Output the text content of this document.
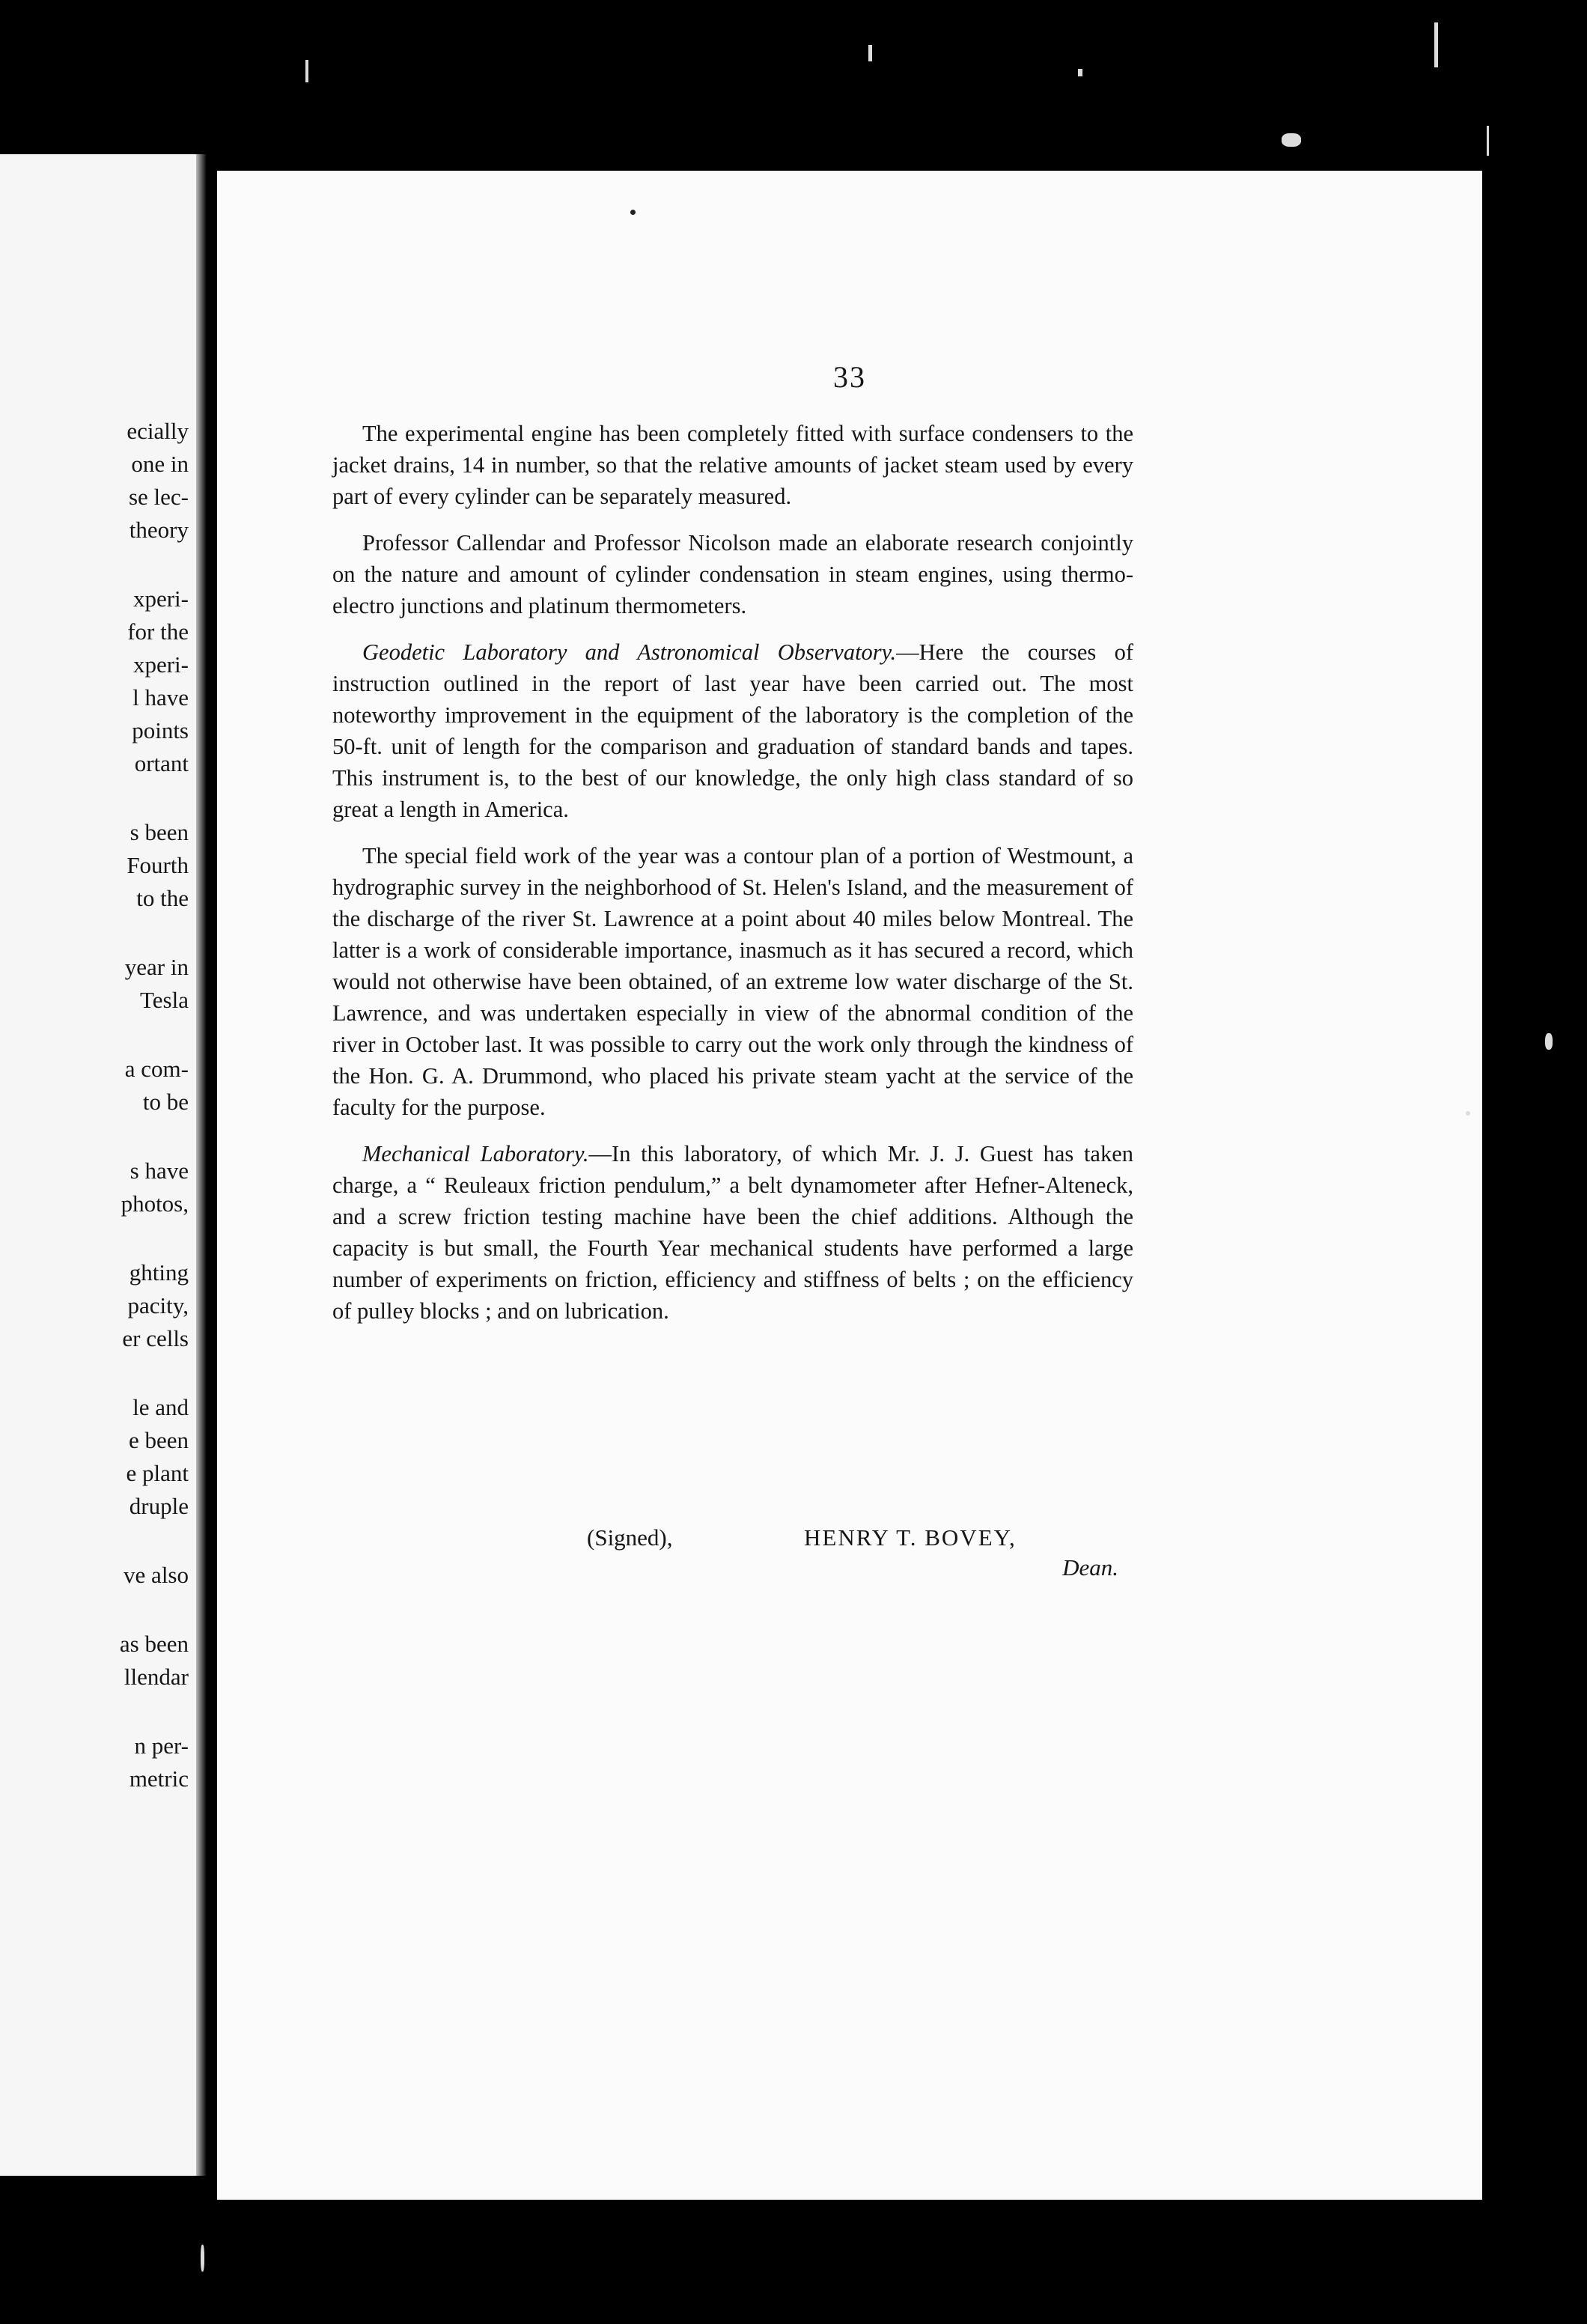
ecially
one in
se lec-
theory
xperi-
for the
xperi-
l have
points
ortant
s been
Fourth
to the
year in
Tesla
a com-
to be
s have
photos,
ghting
pacity,
er cells
le and
e been
e plant
druple
ve also
as been
llendar
n per-
metric
33

The experimental engine has been completely fitted with surface condensers to the jacket drains, 14 in number, so that the relative amounts of jacket steam used by every part of every cylinder can be separately measured.

Professor Callendar and Professor Nicolson made an elaborate research conjointly on the nature and amount of cylinder condensation in steam engines, using thermo-electro junctions and platinum thermometers.

Geodetic Laboratory and Astronomical Observatory.—Here the courses of instruction outlined in the report of last year have been carried out. The most noteworthy improvement in the equipment of the laboratory is the completion of the 50-ft. unit of length for the comparison and graduation of standard bands and tapes. This instrument is, to the best of our knowledge, the only high class standard of so great a length in America.

The special field work of the year was a contour plan of a portion of Westmount, a hydrographic survey in the neighborhood of St. Helen's Island, and the measurement of the discharge of the river St. Lawrence at a point about 40 miles below Montreal. The latter is a work of considerable importance, inasmuch as it has secured a record, which would not otherwise have been obtained, of an extreme low water discharge of the St. Lawrence, and was undertaken especially in view of the abnormal condition of the river in October last. It was possible to carry out the work only through the kindness of the Hon. G. A. Drummond, who placed his private steam yacht at the service of the faculty for the purpose.

Mechanical Laboratory.—In this laboratory, of which Mr. J. J. Guest has taken charge, a “ Reuleaux friction pendulum,” a belt dynamometer after Hefner-Alteneck, and a screw friction testing machine have been the chief additions. Although the capacity is but small, the Fourth Year mechanical students have performed a large number of experiments on friction, efficiency and stiffness of belts ; on the efficiency of pulley blocks ; and on lubrication.

(Signed),	HENRY T. BOVEY,
Dean.
